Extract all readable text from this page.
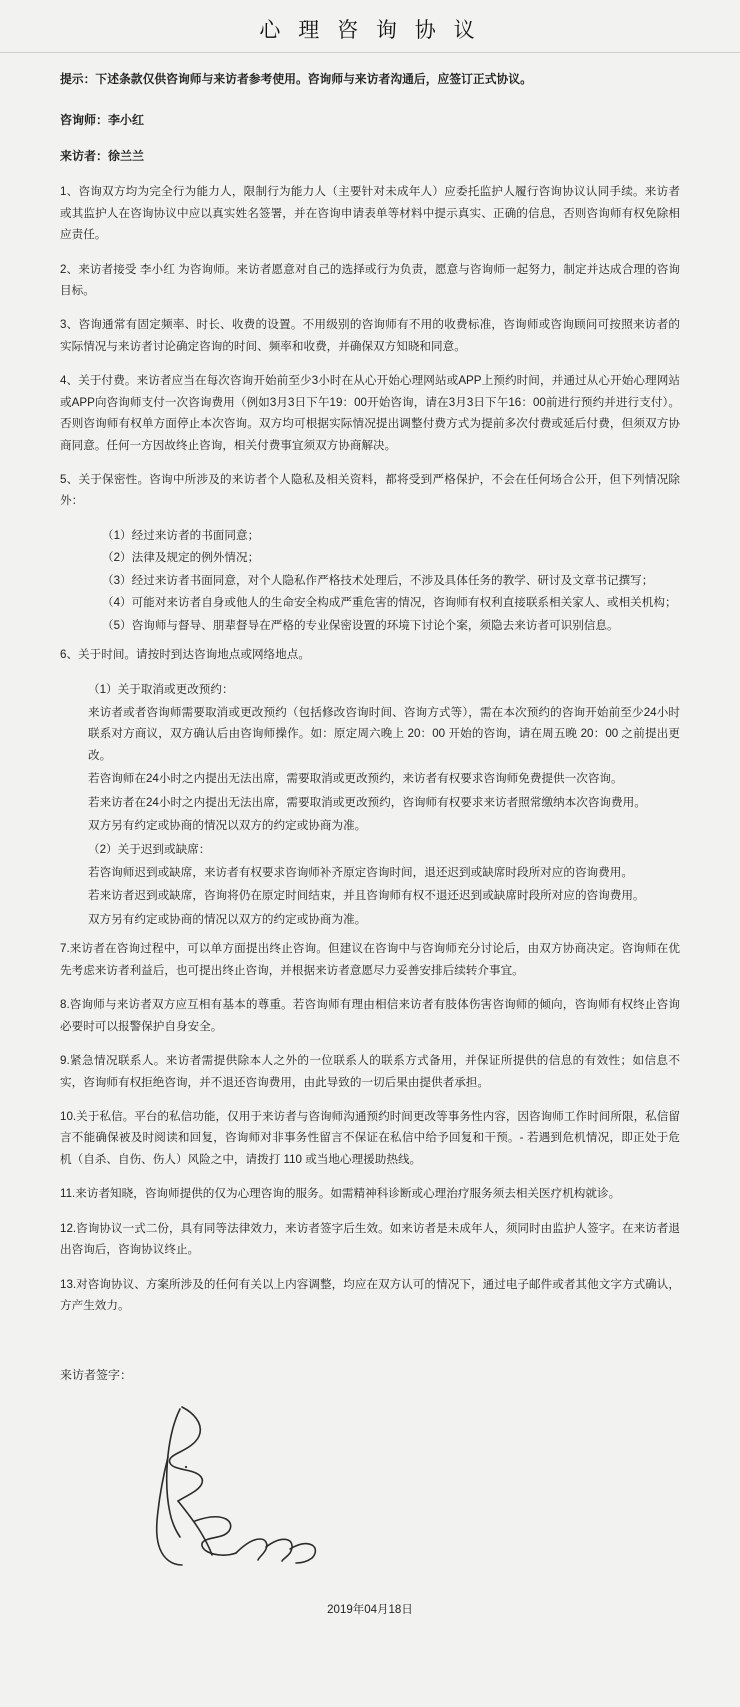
心 理 咨 询 协 议

提示：下述条款仅供咨询师与来访者参考使用。咨询师与来访者沟通后，应签订正式协议。

咨询师：李小红

来访者：徐兰兰

1、咨询双方均为完全行为能力人，限制行为能力人（主要针对未成年人）应委托监护人履行咨询协议认同手续。来访者或其监护人在咨询协议中应以真实姓名签署，并在咨询申请表单等材料中提示真实、正确的信息，否则咨询师有权免除相应责任。

2、来访者接受 李小红 为咨询师。来访者愿意对自己的选择或行为负责，愿意与咨询师一起努力，制定并达成合理的咨询目标。

3、咨询通常有固定频率、时长、收费的设置。不用级别的咨询师有不用的收费标准，咨询师或咨询顾问可按照来访者的实际情况与来访者讨论确定咨询的时间、频率和收费，并确保双方知晓和同意。

4、关于付费。来访者应当在每次咨询开始前至少3小时在从心开始心理网站或APP上预约时间，并通过从心开始心理网站或APP向咨询师支付一次咨询费用（例如3月3日下午19：00开始咨询，请在3月3日下午16：00前进行预约并进行支付）。否则咨询师有权单方面停止本次咨询。双方均可根据实际情况提出调整付费方式为提前多次付费或延后付费，但须双方协商同意。任何一方因故终止咨询，相关付费事宜须双方协商解决。

5、关于保密性。咨询中所涉及的来访者个人隐私及相关资料，都将受到严格保护，不会在任何场合公开，但下列情况除外：

（1）经过来访者的书面同意；

（2）法律及规定的例外情况；

（3）经过来访者书面同意，对个人隐私作严格技术处理后，不涉及具体任务的教学、研讨及文章书记撰写；

（4）可能对来访者自身或他人的生命安全构成严重危害的情况，咨询师有权利直接联系相关家人、或相关机构；

（5）咨询师与督导、朋辈督导在严格的专业保密设置的环境下讨论个案，须隐去来访者可识别信息。

6、关于时间。请按时到达咨询地点或网络地点。

（1）关于取消或更改预约：

来访者或者咨询师需要取消或更改预约（包括修改咨询时间、咨询方式等），需在本次预约的咨询开始前至少24小时联系对方商议，双方确认后由咨询师操作。如：原定周六晚上 20：00 开始的咨询，请在周五晚 20：00 之前提出更改。

若咨询师在24小时之内提出无法出席，需要取消或更改预约，来访者有权要求咨询师免费提供一次咨询。

若来访者在24小时之内提出无法出席，需要取消或更改预约，咨询师有权要求来访者照常缴纳本次咨询费用。

双方另有约定或协商的情况以双方的约定或协商为准。

（2）关于迟到或缺席：

若咨询师迟到或缺席，来访者有权要求咨询师补齐原定咨询时间，退还迟到或缺席时段所对应的咨询费用。

若来访者迟到或缺席，咨询将仍在原定时间结束，并且咨询师有权不退还迟到或缺席时段所对应的咨询费用。

双方另有约定或协商的情况以双方的约定或协商为准。

7.来访者在咨询过程中，可以单方面提出终止咨询。但建议在咨询中与咨询师充分讨论后，由双方协商决定。咨询师在优先考虑来访者利益后，也可提出终止咨询，并根据来访者意愿尽力妥善安排后续转介事宜。

8.咨询师与来访者双方应互相有基本的尊重。若咨询师有理由相信来访者有肢体伤害咨询师的倾向，咨询师有权终止咨询必要时可以报警保护自身安全。

9.紧急情况联系人。来访者需提供除本人之外的一位联系人的联系方式备用，并保证所提供的信息的有效性；如信息不实，咨询师有权拒绝咨询，并不退还咨询费用，由此导致的一切后果由提供者承担。

10.关于私信。平台的私信功能，仅用于来访者与咨询师沟通预约时间更改等事务性内容，因咨询师工作时间所限，私信留言不能确保被及时阅读和回复，咨询师对非事务性留言不保证在私信中给予回复和干预。- 若遇到危机情况，即正处于危机（自杀、自伤、伤人）风险之中，请拨打 110 或当地心理援助热线。

11.来访者知晓，咨询师提供的仅为心理咨询的服务。如需精神科诊断或心理治疗服务须去相关医疗机构就诊。

12.咨询协议一式二份，具有同等法律效力，来访者签字后生效。如来访者是未成年人，须同时由监护人签字。在来访者退出咨询后，咨询协议终止。

13.对咨询协议、方案所涉及的任何有关以上内容调整，均应在双方认可的情况下，通过电子邮件或者其他文字方式确认，方产生效力。

来访者签字：

2019年04月18日
